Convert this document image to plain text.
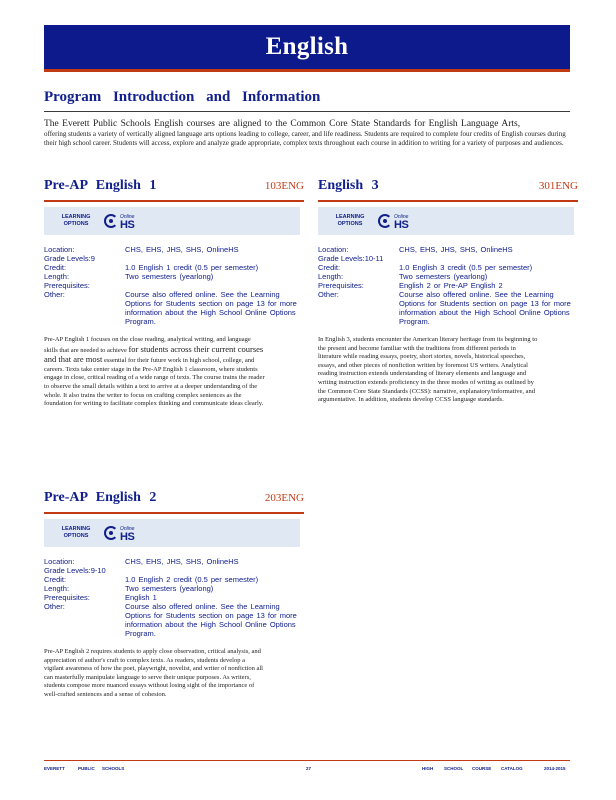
English
Program Introduction and Information
The Everett Public Schools English courses are aligned to the Common Core State Standards for English Language Arts,
offering students a variety of vertically aligned language arts options leading to college, career, and life readiness. Students are required to complete four credits of English courses during their high school career. Students will access, explore and analyze grade appropriate, complex texts throughout each course in addition to writing for a variety of purposes and audiences.
Pre-AP English 1	103ENG
LEARNING
OPTIONS
Online
HS
Location:	CHS, EHS, JHS, SHS, OnlineHS
Grade Levels:9
Credit:	1.0 English 1 credit (0.5 per semester)
Length:	Two semesters (yearlong)
Prerequisites:
Other:	Course also offered online. See the Learning Options for Students section on page 13 for more information about the High School Online Options Program.
Pre-AP English 1 focuses on the close reading, analytical writing, and language skills that are needed to achieve for students across their current courses and that are most essential for their future work in high school, college, and careers. Texts take center stage in the Pre-AP English 1 classroom, where students engage in close, critical reading of a wide range of texts. The course trains the reader to observe the small details within a text to arrive at a deeper understanding of the whole. It also trains the writer to focus on crafting complex sentences as the foundation for writing to facilitate complex thinking and communicate ideas clearly.
English 3	301ENG
LEARNING
OPTIONS
Online
HS
Location:	CHS, EHS, JHS, SHS, OnlineHS
Grade Levels:10-11
Credit:	1.0 English 3 credit (0.5 per semester)
Length:	Two semesters (yearlong)
Prerequisites:	English 2 or Pre-AP English 2
Other:	Course also offered online. See the Learning Options for Students section on page 13 for more information about the High School Online Options Program.
In English 3, students encounter the American literary heritage from its beginning to the present and become familiar with the traditions from different periods in literature while reading essays, poetry, short stories, novels, historical speeches, essays, and other pieces of nonfiction written by foremost US writers. Analytical reading instruction extends understanding of literary elements and language and writing instruction extends proficiency in the three modes of writing as outlined by the Common Core State Standards (CCSS): narrative, explanatory/informative, and argumentative. In addition, students develop CCSS language standards.
Pre-AP English 2	203ENG
LEARNING
OPTIONS
Online
HS
Location:	CHS, EHS, JHS, SHS, OnlineHS
Grade Levels:9-10
Credit:	1.0 English 2 credit (0.5 per semester)
Length:	Two semesters (yearlong)
Prerequisites:	English 1
Other:	Course also offered online. See the Learning Options for Students section on page 13 for more information about the High School Online Options Program.
Pre-AP English 2 requires students to apply close observation, critical analysis, and appreciation of author's craft to complex texts. As readers, students develop a vigilant awareness of how the poet, playwright, novelist, and writer of nonfiction all can masterfully manipulate language to serve their unique purposes. As writers, students compose more nuanced essays without losing sight of the importance of well-crafted sentences and a sense of cohesion.
EVERETT	PUBLIC SCHOOLS	27	HIGH SCHOOL COURSE CATALOG	2014-2015
